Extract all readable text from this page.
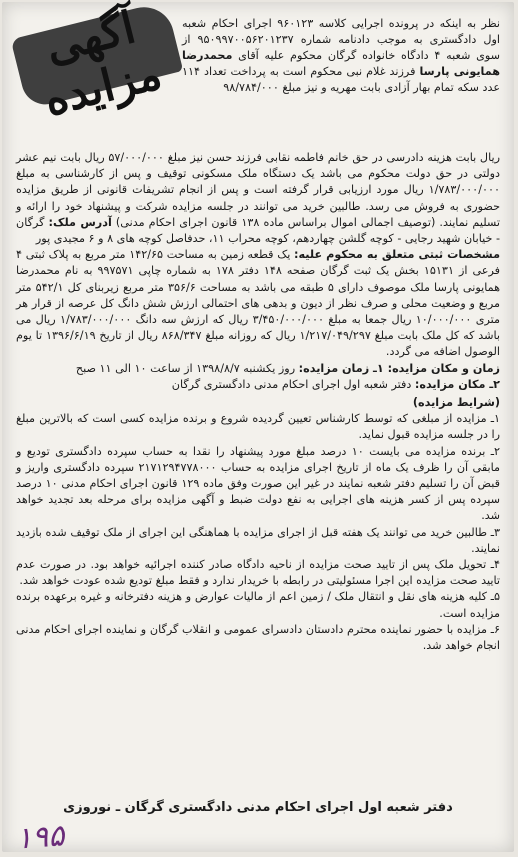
آگهی مزایده
نظر به اینکه در پرونده اجرایی کلاسه ۹۶۰۱۲۳ اجرای احکام شعبه اول دادگستری به موجب دادنامه شماره ۹۵۰۹۹۷۰۰۵۶۲۰۱۲۳۷ از سوی شعبه ۴ دادگاه خانواده گرگان محکوم علیه آقای محمدرضا همایونی پارسا فرزند غلام نبی محکوم است به پرداخت تعداد ۱۱۴ عدد سکه تمام بهار آزادی بابت مهریه و نیز مبلغ ۹۸/۷۸۴/۰۰۰

ریال بابت هزینه دادرسی در حق خانم فاطمه نقابی فرزند حسن نیز مبلغ ۵۷/۰۰۰/۰۰۰ ریال بابت نیم عشر دولتی در حق دولت محکوم می باشد یک دستگاه ملک مسکونی توقیف و پس از کارشناسی به مبلغ ۱/۷۸۳/۰۰۰/۰۰۰ ریال مورد ارزیابی قرار گرفته است و پس از انجام تشریفات قانونی از طریق مزایده حضوری به فروش می رسد. طالبین خرید می توانند در جلسه مزایده شرکت و پیشنهاد خود را ارائه و تسلیم نمایند. (توصیف اجمالی اموال براساس ماده ۱۳۸ قانون اجرای احکام مدنی) آدرس ملک: گرگان - خیابان شهید رجایی - کوچه گلشن چهاردهم، کوچه محراب ۱۱، حدفاصل کوچه های ۸ و ۶ مجیدی پور

مشخصات ثبتی متعلق به محکوم علیه: یک قطعه زمین به مساحت ۱۴۲/۶۵ متر مربع به پلاک ثبتی ۴ فرعی از ۱۵۱۳۱ بخش یک ثبت گرگان صفحه ۱۴۸ دفتر ۱۷۸ به شماره چاپی ۹۹۷۵۷۱ به نام محمدرضا همایونی پارسا ملک موصوف دارای ۵ طبقه می باشد به مساحت ۳۵۶/۶ متر مربع زیربنای کل ۵۴۲/۱ متر مربع و وضعیت محلی و صرف نظر از دیون و بدهی های احتمالی ارزش شش دانگ کل عرصه از قرار هر متری ۱۰/۰۰۰/۰۰۰ ریال جمعا به مبلغ ۳/۴۵۰/۰۰۰/۰۰۰ ریال که ارزش سه دانگ ۱/۷۸۳/۰۰۰/۰۰۰ ریال می باشد که کل ملک بابت مبلغ ۱/۲۱۷/۰۴۹/۲۹۷ ریال که روزانه مبلغ ۸۶۸/۳۴۷ ریال از تاریخ ۱۳۹۶/۶/۱۹ تا یوم الوصول اضافه می گردد.

زمان و مکان مزایده: ۱ـ زمان مزایده: روز یکشنبه ۱۳۹۸/۸/۷ از ساعت ۱۰ الی ۱۱ صبح

۲ـ مکان مزایده: دفتر شعبه اول اجرای احکام مدنی دادگستری گرگان

(شرایط مزایده)

۱ـ مزایده از مبلغی که توسط کارشناس تعیین گردیده شروع و برنده مزایده کسی است که بالاترین مبلغ را در جلسه مزایده قبول نماید.

۲ـ برنده مزایده می بایست ۱۰ درصد مبلغ مورد پیشنهاد را نقدا به حساب سپرده دادگستری تودیع و مابقی آن را ظرف یک ماه از تاریخ اجرای مزایده به حساب ۲۱۷۱۲۹۴۷۷۸۰۰۰ سپرده دادگستری واریز و قبض آن را تسلیم دفتر شعبه نمایند در غیر این صورت وفق ماده ۱۲۹ قانون اجرای احکام مدنی ۱۰ درصد سپرده پس از کسر هزینه های اجرایی به نفع دولت ضبط و آگهی مزایده برای مرحله بعد تجدید خواهد شد.

۳ـ طالبین خرید می توانند یک هفته قبل از اجرای مزایده با هماهنگی این اجرای از ملک توقیف شده بازدید نمایند.

۴ـ تحویل ملک پس از تایید صحت مزایده از ناحیه دادگاه صادر کننده اجرائیه خواهد بود. در صورت عدم تایید صحت مزایده این اجرا مسئولیتی در رابطه با خریدار ندارد و فقط مبلغ تودیع شده عودت خواهد شد.

۵ـ کلیه هزینه های نقل و انتقال ملک / زمین اعم از مالیات عوارض و هزینه دفترخانه و غیره برعهده برنده مزایده است.

۶ـ مزایده با حضور نماینده محترم دادستان دادسرای عمومی و انقلاب گرگان و نماینده اجرای احکام مدنی انجام خواهد شد.

دفتر شعبه اول اجرای احکام مدنی دادگستری گرگان ـ نوروزی
۱۹۵
